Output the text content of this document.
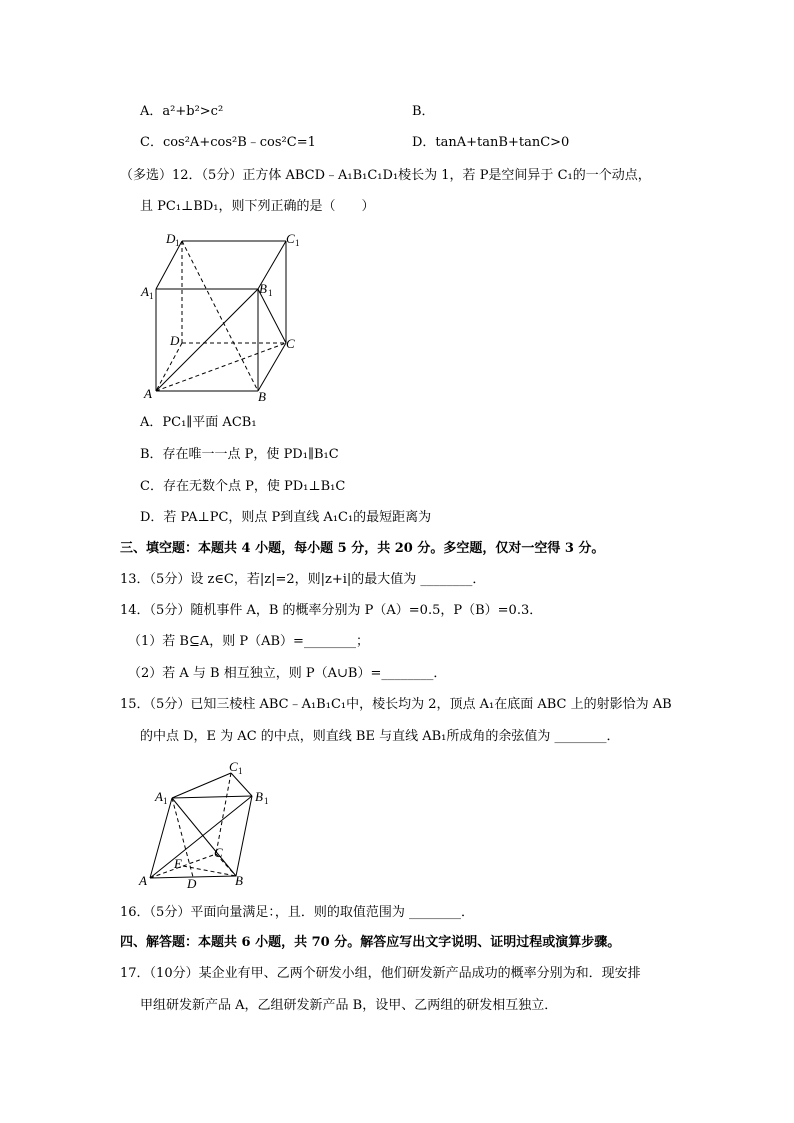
A．a²+b²>c²	B．
C．cos²A+cos²B﹣cos²C=1	D．tanA+tanB+tanC>0
（多选）12．（5分）正方体 ABCD﹣A₁B₁C₁D₁棱长为 1，若 P是空间异于 C₁的一个动点，
且 PC₁⊥BD₁，则下列正确的是（　　）
D 1	C 1
A 1	B 1
D	C
A	B
A．PC₁∥平面 ACB₁
B．存在唯一一点 P，使 PD₁∥B₁C
C．存在无数个点 P，使 PD₁⊥B₁C
D．若 PA⊥PC，则点 P到直线 A₁C₁的最短距离为
三、填空题：本题共 4 小题，每小题 5 分，共 20 分。多空题，仅对一空得 3 分。
13．（5分）设 z∈C，若|z|=2，则|z+i|的最大值为 ________．
14．（5分）随机事件 A，B 的概率分别为 P（A）=0.5，P（B）=0.3．
（1）若 B⊆A，则 P（AB）=________；
（2）若 A 与 B 相互独立，则 P（A∪B）=________．
15．（5分）已知三棱柱 ABC﹣A₁B₁C₁中，棱长均为 2，顶点 A₁在底面 ABC 上的射影恰为 AB
的中点 D，E 为 AC 的中点，则直线 BE 与直线 AB₁所成角的余弦值为 ________．
C 1
A 1	B 1
C
E
A	D	B
16．（5分）平面向量满足：，且．则的取值范围为 ________．
四、解答题：本题共 6 小题，共 70 分。解答应写出文字说明、证明过程或演算步骤。
17．（10分）某企业有甲、乙两个研发小组，他们研发新产品成功的概率分别为和．现安排
甲组研发新产品 A，乙组研发新产品 B，设甲、乙两组的研发相互独立．
